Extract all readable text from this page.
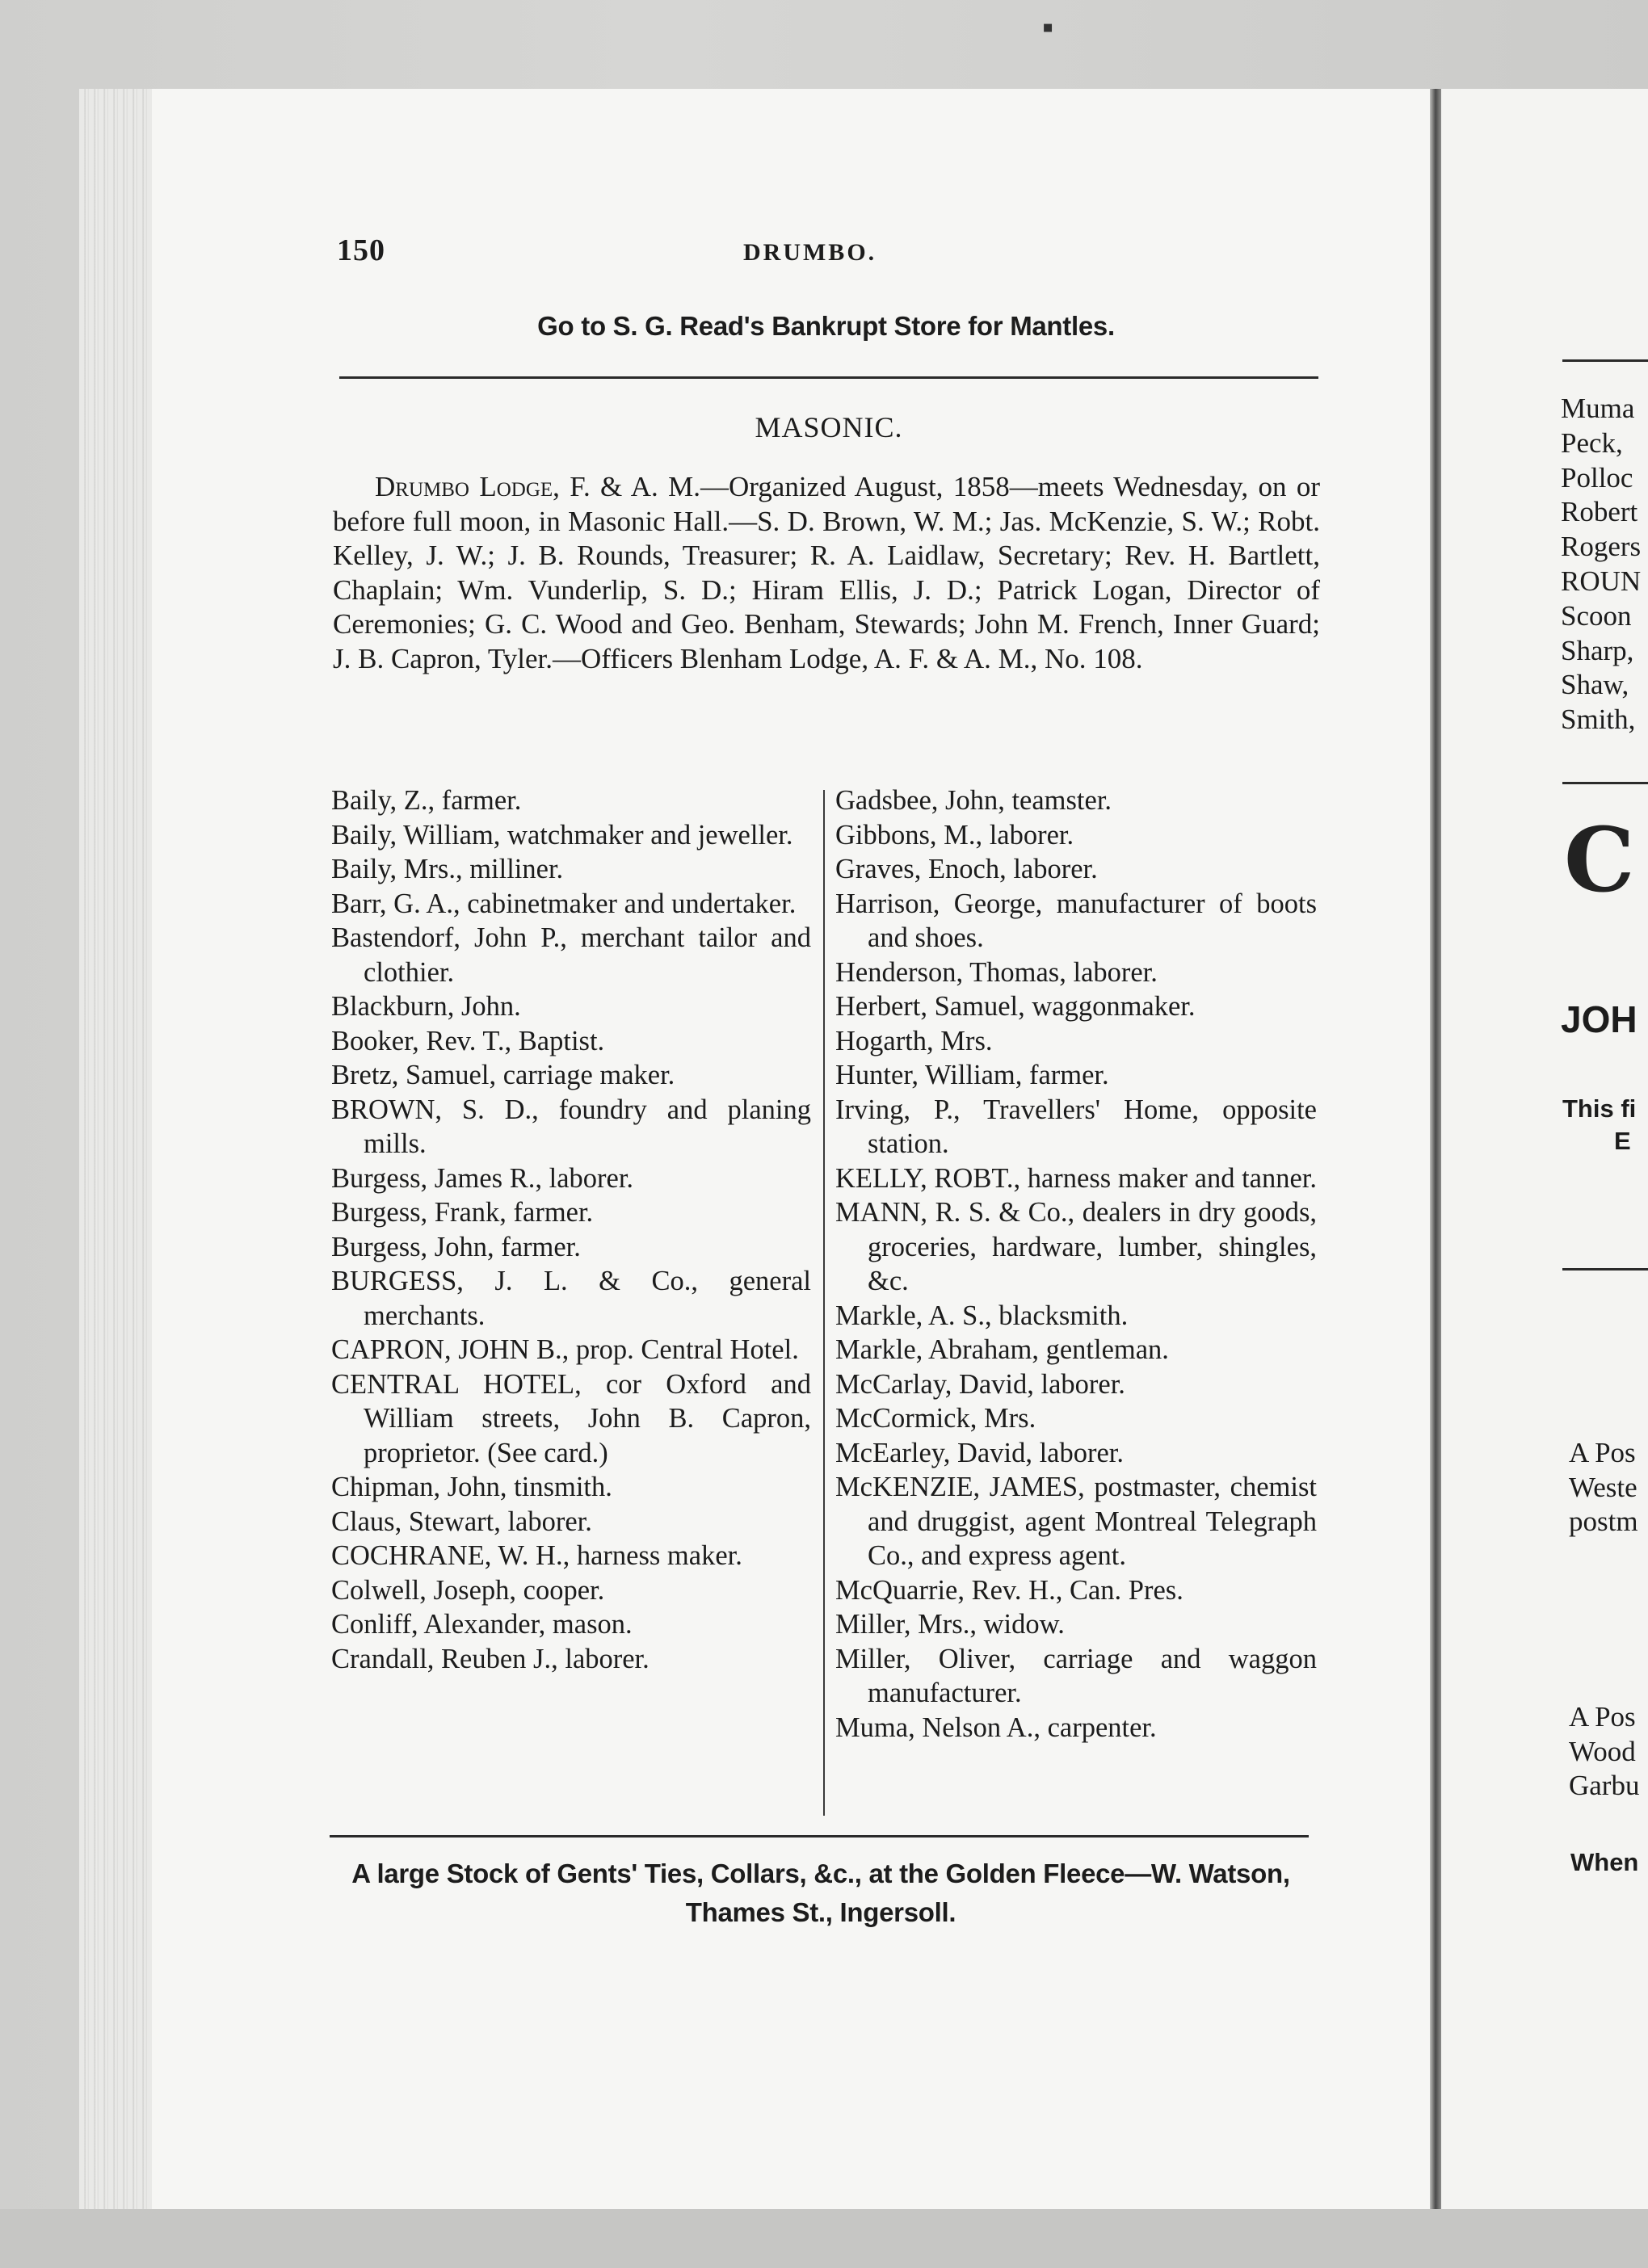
150	DRUMBO.
Go to S. G. Read's Bankrupt Store for Mantles.
MASONIC.
Drumbo Lodge, F. & A. M.—Organized August, 1858—meets Wednesday, on or before full moon, in Masonic Hall.—S. D. Brown, W. M.; Jas. McKenzie, S. W.; Robt. Kelley, J. W.; J. B. Rounds, Treasurer; R. A. Laidlaw, Secretary; Rev. H. Bartlett, Chaplain; Wm. Vunderlip, S. D.; Hiram Ellis, J. D.; Patrick Logan, Director of Ceremonies; G. C. Wood and Geo. Benham, Stewards; John M. French, Inner Guard; J. B. Capron, Tyler.—Officers Blenham Lodge, A. F. & A. M., No. 108.
Baily, Z., farmer.
Baily, William, watchmaker and jeweller.
Baily, Mrs., milliner.
Barr, G. A., cabinetmaker and undertaker.
Bastendorf, John P., merchant tailor and clothier.
Blackburn, John.
Booker, Rev. T., Baptist.
Bretz, Samuel, carriage maker.
BROWN, S. D., foundry and planing mills.
Burgess, James R., laborer.
Burgess, Frank, farmer.
Burgess, John, farmer.
BURGESS, J. L. & Co., general merchants.
CAPRON, JOHN B., prop. Central Hotel.
CENTRAL HOTEL, cor Oxford and William streets, John B. Capron, proprietor. (See card.)
Chipman, John, tinsmith.
Claus, Stewart, laborer.
COCHRANE, W. H., harness maker.
Colwell, Joseph, cooper.
Conliff, Alexander, mason.
Crandall, Reuben J., laborer.
Gadsbee, John, teamster.
Gibbons, M., laborer.
Graves, Enoch, laborer.
Harrison, George, manufacturer of boots and shoes.
Henderson, Thomas, laborer.
Herbert, Samuel, waggonmaker.
Hogarth, Mrs.
Hunter, William, farmer.
Irving, P., Travellers' Home, opposite station.
KELLY, ROBT., harness maker and tanner.
MANN, R. S. & Co., dealers in dry goods, groceries, hardware, lumber, shingles, &c.
Markle, A. S., blacksmith.
Markle, Abraham, gentleman.
McCarlay, David, laborer.
McCormick, Mrs.
McEarley, David, laborer.
McKENZIE, JAMES, postmaster, chemist and druggist, agent Montreal Telegraph Co., and express agent.
McQuarrie, Rev. H., Can. Pres.
Miller, Mrs., widow.
Miller, Oliver, carriage and waggon manufacturer.
Muma, Nelson A., carpenter.
A large Stock of Gents' Ties, Collars, &c., at the Golden Fleece—W. Watson, Thames St., Ingersoll.
Muma
Peck,
Polloc
Robert
Rogers
ROUN
Scoon
Sharp,
Shaw,
Smith,
C
JOH
This fi
E
A Pos
Weste
postm
A Pos
Wood
Garbu
When
▪
